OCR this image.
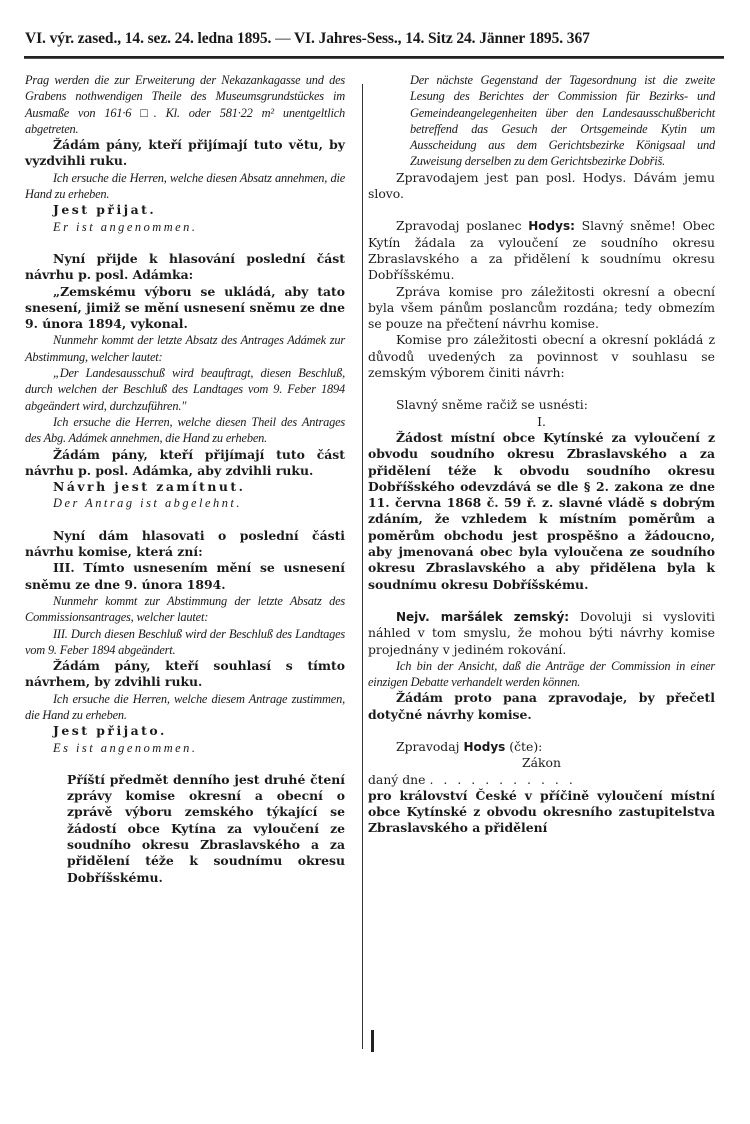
VI. výr. zased., 14. sez. 24. ledna 1895. — VI. Jahres-Sess., 14. Sitz 24. Jänner 1895. 367

Prag werden die zur Erweiterung der Nekazankagasse und des Grabens nothwendigen Theile des Museumsgrundstückes im Ausmaße von 161·6 □. Kl. oder 581·22 m² unentgeltlich abgetreten.

Žádám pány, kteří přijímají tuto větu, by vyzdvihli ruku.

Ich ersuche die Herren, welche diesen Absatz annehmen, die Hand zu erheben.

Jest přijat.

Er ist angenommen.

Nyní přijde k hlasování poslední část návrhu p. posl. Adámka:

„Zemskému výboru se ukládá, aby tato snesení, jimiž se mění usnesení sněmu ze dne 9. února 1894, vykonal.

Nunmehr kommt der letzte Absatz des Antrages Adámek zur Abstimmung, welcher lautet:

„Der Landesausschuß wird beauftragt, diesen Beschluß, durch welchen der Beschluß des Landtages vom 9. Feber 1894 abgeändert wird, durchzuführen."

Ich ersuche die Herren, welche diesen Theil des Antrages des Abg. Adámek annehmen, die Hand zu erheben.

Žádám pány, kteří přijímají tuto část návrhu p. posl. Adámka, aby zdvihli ruku.

Návrh jest zamítnut.

Der Antrag ist abgelehnt.

Nyní dám hlasovati o poslední části návrhu komise, která zní:

III. Tímto usnesením mění se usnesení sněmu ze dne 9. února 1894.

Nunmehr kommt zur Abstimmung der letzte Absatz des Commissionsantrages, welcher lautet:

III. Durch diesen Beschluß wird der Beschluß des Landtages vom 9. Feber 1894 abgeändert.

Žádám pány, kteří souhlasí s tímto návrhem, by zdvihli ruku.

Ich ersuche die Herren, welche diesem Antrage zustimmen, die Hand zu erheben.

Jest přijato.

Es ist angenommen.

Příští předmět denního jest druhé čtení zprávy komise okresní a obecní o zprávě výboru zemského týkající se žádostí obce Kytína za vyloučení ze soudního okresu Zbraslavského a za přidělení téže k soudnímu okresu Dobříšskému.

Der nächste Gegenstand der Tagesordnung ist die zweite Lesung des Berichtes der Commission für Bezirks- und Gemeindeangelegenheiten über den Landesausschußbericht betreffend das Gesuch der Ortsgemeinde Kytin um Ausscheidung aus dem Gerichtsbezirke Königsaal und Zuweisung derselben zu dem Gerichtsbezirke Dobřiš.

Zpravodajem jest pan posl. Hodys. Dávám jemu slovo.

Zpravodaj poslanec Hodys: Slavný sněme! Obec Kytín žádala za vyloučení ze soudního okresu Zbraslavského a za přidělení k soudnímu okresu Dobříšskému.

Zpráva komise pro záležitosti okresní a obecní byla všem pánům poslancům rozdána; tedy obmezím se pouze na přečtení návrhu komise.

Komise pro záležitosti obecní a okresní pokládá z důvodů uvedených za povinnost v souhlasu se zemským výborem činiti návrh:

Slavný sněme račiž se usnésti:

I.

Žádost místní obce Kytínské za vyloučení z obvodu soudního okresu Zbraslavského a za přidělení téže k obvodu soudního okresu Dobříšského odevzdává se dle § 2. zakona ze dne 11. června 1868 č. 59 ř. z. slavné vládě s dobrým zdáním, že vzhledem k místním poměrům a poměrům obchodu jest prospěšno a žádoucno, aby jmenovaná obec byla vyloučena ze soudního okresu Zbraslavského a aby přidělena byla k soudnímu okresu Dobříšskému.

Nejv. maršálek zemský: Dovoluji si vysloviti náhled v tom smyslu, že mohou býti návrhy komise projednány v jediném rokování.

Ich bin der Ansicht, daß die Anträge der Commission in einer einzigen Debatte verhandelt werden können.

Žádám proto pana zpravodaje, by přečetl dotyčné návrhy komise.

Zpravodaj Hodys (čte):

Zákon

daný dne ...........

pro království České v příčině vyloučení místní obce Kytínské z obvodu okresního zastupitelstva Zbraslavského a přidělení
